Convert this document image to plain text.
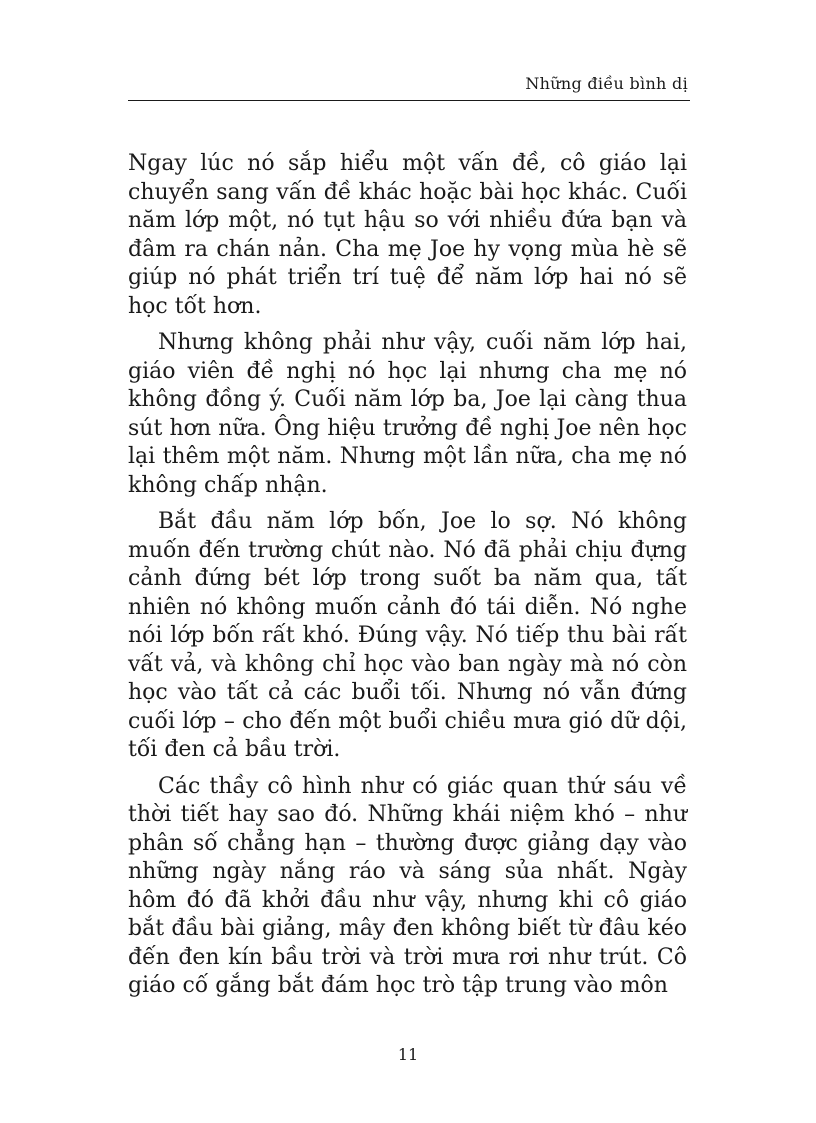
Những điều bình dị

Ngay lúc nó sắp hiểu một vấn đề, cô giáo lại chuyển sang vấn đề khác hoặc bài học khác. Cuối năm lớp một, nó tụt hậu so với nhiều đứa bạn và đâm ra chán nản. Cha mẹ Joe hy vọng mùa hè sẽ giúp nó phát triển trí tuệ để năm lớp hai nó sẽ học tốt hơn.

Nhưng không phải như vậy, cuối năm lớp hai, giáo viên đề nghị nó học lại nhưng cha mẹ nó không đồng ý. Cuối năm lớp ba, Joe lại càng thua sút hơn nữa. Ông hiệu trưởng đề nghị Joe nên học lại thêm một năm. Nhưng một lần nữa, cha mẹ nó không chấp nhận.

Bắt đầu năm lớp bốn, Joe lo sợ. Nó không muốn đến trường chút nào. Nó đã phải chịu đựng cảnh đứng bét lớp trong suốt ba năm qua, tất nhiên nó không muốn cảnh đó tái diễn. Nó nghe nói lớp bốn rất khó. Đúng vậy. Nó tiếp thu bài rất vất vả, và không chỉ học vào ban ngày mà nó còn học vào tất cả các buổi tối. Nhưng nó vẫn đứng cuối lớp – cho đến một buổi chiều mưa gió dữ dội, tối đen cả bầu trời.

Các thầy cô hình như có giác quan thứ sáu về thời tiết hay sao đó. Những khái niệm khó – như phân số chẳng hạn – thường được giảng dạy vào những ngày nắng ráo và sáng sủa nhất. Ngày hôm đó đã khởi đầu như vậy, nhưng khi cô giáo bắt đầu bài giảng, mây đen không biết từ đâu kéo đến đen kín bầu trời và trời mưa rơi như trút. Cô giáo cố gắng bắt đám học trò tập trung vào môn

11
